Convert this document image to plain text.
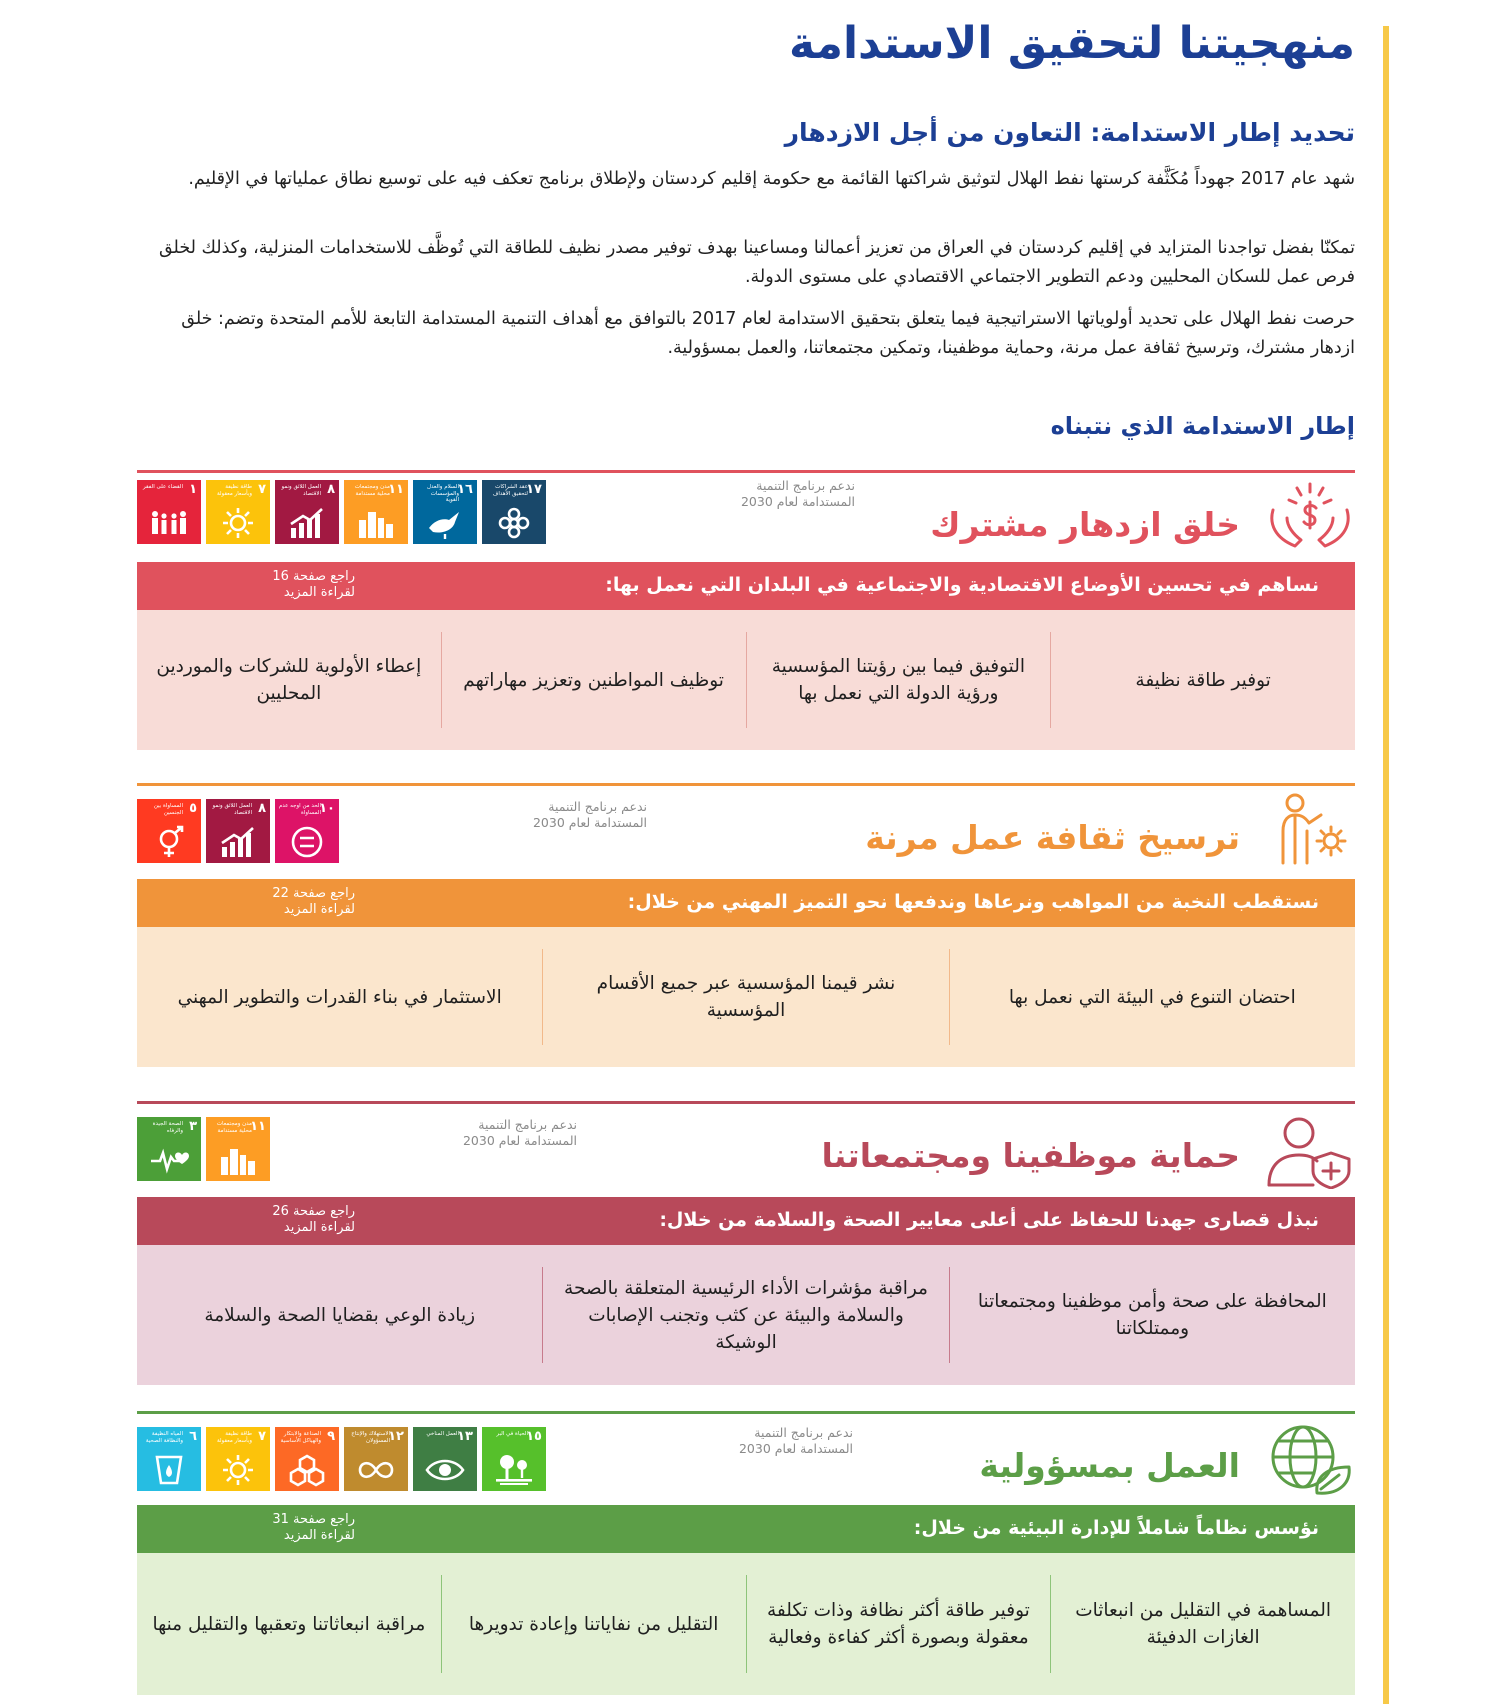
منهجيتنا لتحقيق الاستدامة
تحديد إطار الاستدامة: التعاون من أجل الازدهار

شهد عام 2017 جهوداً مُكَثَّفة كرستها نفط الهلال لتوثيق شراكتها القائمة مع حكومة إقليم كردستان ولإطلاق برنامج تعكف فيه على توسيع نطاق عملياتها في الإقليم.

تمكنّا بفضل تواجدنا المتزايد في إقليم كردستان في العراق من تعزيز أعمالنا ومساعينا بهدف توفير مصدر نظيف للطاقة التي تُوظَّف للاستخدامات المنزلية، وكذلك لخلق فرص عمل للسكان المحليين ودعم التطوير الاجتماعي الاقتصادي على مستوى الدولة.

حرصت نفط الهلال على تحديد أولوياتها الاستراتيجية فيما يتعلق بتحقيق الاستدامة لعام 2017 بالتوافق مع أهداف التنمية المستدامة التابعة للأمم المتحدة وتضم: خلق ازدهار مشترك، وترسيخ ثقافة عمل مرنة، وحماية موظفينا، وتمكين مجتمعاتنا، والعمل بمسؤولية.

إطار الاستدامة الذي نتبناه
خلق ازدهار مشترك
ندعم برنامج التنمية
المستدامة لعام 2030
١
القضاء على الفقر	٧
طاقة نظيفة وبأسعار معقولة	٨
العمل اللائق ونمو الاقتصاد	١١
مدن ومجتمعات محلية مستدامة	١٦
السلام والعدل والمؤسسات القوية
١٧
عقد الشراكات لتحقيق الأهداف
نساهم في تحسين الأوضاع الاقتصادية والاجتماعية في البلدان التي نعمل بها:
راجع صفحة 16
لقراءة المزيد
توفير طاقة نظيفة
التوفيق فيما بين رؤيتنا المؤسسية ورؤية الدولة التي نعمل بها
توظيف المواطنين وتعزيز مهاراتهم
إعطاء الأولوية للشركات والموردين المحليين
ترسيخ ثقافة عمل مرنة
ندعم برنامج التنمية
المستدامة لعام 2030
٥
المساواة بين الجنسين	٨
العمل اللائق ونمو الاقتصاد	١٠
الحد من أوجه عدم المساواة
نستقطب النخبة من المواهب ونرعاها وندفعها نحو التميز المهني من خلال:
راجع صفحة 22
لقراءة المزيد
احتضان التنوع في البيئة التي نعمل بها
نشر قيمنا المؤسسية عبر جميع الأقسام المؤسسية
الاستثمار في بناء القدرات والتطوير المهني
حماية موظفينا ومجتمعاتنا
ندعم برنامج التنمية
المستدامة لعام 2030
٣
الصحة الجيدة والرفاه	١١
مدن ومجتمعات محلية مستدامة
نبذل قصارى جهدنا للحفاظ على أعلى معايير الصحة والسلامة من خلال:
راجع صفحة 26
لقراءة المزيد
المحافظة على صحة وأمن موظفينا ومجتمعاتنا وممتلكاتنا
مراقبة مؤشرات الأداء الرئيسية المتعلقة بالصحة والسلامة والبيئة عن كثب وتجنب الإصابات الوشيكة
زيادة الوعي بقضايا الصحة والسلامة
العمل بمسؤولية
ندعم برنامج التنمية
المستدامة لعام 2030
٦
المياه النظيفة والنظافة الصحية	٧
طاقة نظيفة وبأسعار معقولة	٩
الصناعة والابتكار والهياكل الأساسية	١٢
الاستهلاك والإنتاج المسؤولان	١٣
العمل المناخي	١٥
الحياة في البر
نؤسس نظاماً شاملاً للإدارة البيئية من خلال:
راجع صفحة 31
لقراءة المزيد
المساهمة في التقليل من انبعاثات الغازات الدفيئة
توفير طاقة أكثر نظافة وذات تكلفة معقولة وبصورة أكثر كفاءة وفعالية
التقليل من نفاياتنا وإعادة تدويرها
مراقبة انبعاثاتنا وتعقبها والتقليل منها
